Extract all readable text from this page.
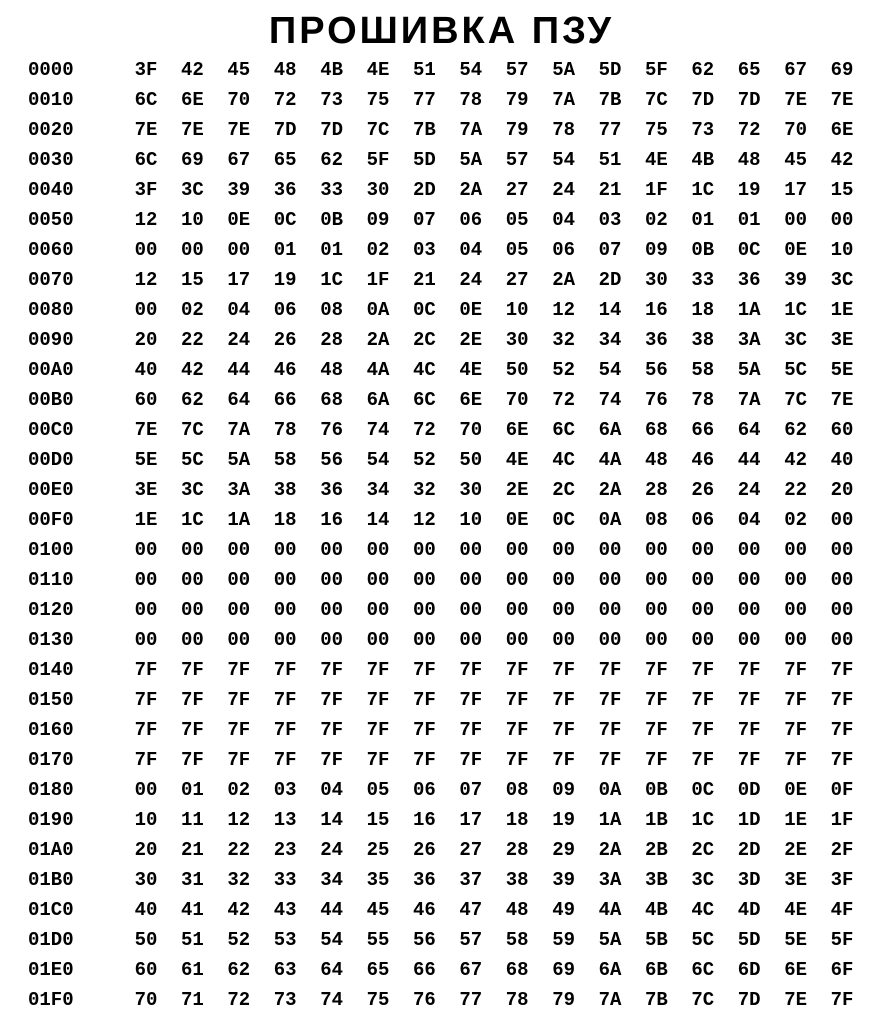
ПРОШИВКА ПЗУ
0000	3F	42	45	48	4B	4E	51	54	57	5A	5D	5F	62	65	67	69
0010	6C	6E	70	72	73	75	77	78	79	7A	7B	7C	7D	7D	7E	7E
0020	7E	7E	7E	7D	7D	7C	7B	7A	79	78	77	75	73	72	70	6E
0030	6C	69	67	65	62	5F	5D	5A	57	54	51	4E	4B	48	45	42
0040	3F	3C	39	36	33	30	2D	2A	27	24	21	1F	1C	19	17	15
0050	12	10	0E	0C	0B	09	07	06	05	04	03	02	01	01	00	00
0060	00	00	00	01	01	02	03	04	05	06	07	09	0B	0C	0E	10
0070	12	15	17	19	1C	1F	21	24	27	2A	2D	30	33	36	39	3C
0080	00	02	04	06	08	0A	0C	0E	10	12	14	16	18	1A	1C	1E
0090	20	22	24	26	28	2A	2C	2E	30	32	34	36	38	3A	3C	3E
00A0	40	42	44	46	48	4A	4C	4E	50	52	54	56	58	5A	5C	5E
00B0	60	62	64	66	68	6A	6C	6E	70	72	74	76	78	7A	7C	7E
00C0	7E	7C	7A	78	76	74	72	70	6E	6C	6A	68	66	64	62	60
00D0	5E	5C	5A	58	56	54	52	50	4E	4C	4A	48	46	44	42	40
00E0	3E	3C	3A	38	36	34	32	30	2E	2C	2A	28	26	24	22	20
00F0	1E	1C	1A	18	16	14	12	10	0E	0C	0A	08	06	04	02	00
0100	00	00	00	00	00	00	00	00	00	00	00	00	00	00	00	00
0110	00	00	00	00	00	00	00	00	00	00	00	00	00	00	00	00
0120	00	00	00	00	00	00	00	00	00	00	00	00	00	00	00	00
0130	00	00	00	00	00	00	00	00	00	00	00	00	00	00	00	00
0140	7F	7F	7F	7F	7F	7F	7F	7F	7F	7F	7F	7F	7F	7F	7F	7F
0150	7F	7F	7F	7F	7F	7F	7F	7F	7F	7F	7F	7F	7F	7F	7F	7F
0160	7F	7F	7F	7F	7F	7F	7F	7F	7F	7F	7F	7F	7F	7F	7F	7F
0170	7F	7F	7F	7F	7F	7F	7F	7F	7F	7F	7F	7F	7F	7F	7F	7F
0180	00	01	02	03	04	05	06	07	08	09	0A	0B	0C	0D	0E	0F
0190	10	11	12	13	14	15	16	17	18	19	1A	1B	1C	1D	1E	1F
01A0	20	21	22	23	24	25	26	27	28	29	2A	2B	2C	2D	2E	2F
01B0	30	31	32	33	34	35	36	37	38	39	3A	3B	3C	3D	3E	3F
01C0	40	41	42	43	44	45	46	47	48	49	4A	4B	4C	4D	4E	4F
01D0	50	51	52	53	54	55	56	57	58	59	5A	5B	5C	5D	5E	5F
01E0	60	61	62	63	64	65	66	67	68	69	6A	6B	6C	6D	6E	6F
01F0	70	71	72	73	74	75	76	77	78	79	7A	7B	7C	7D	7E	7F
